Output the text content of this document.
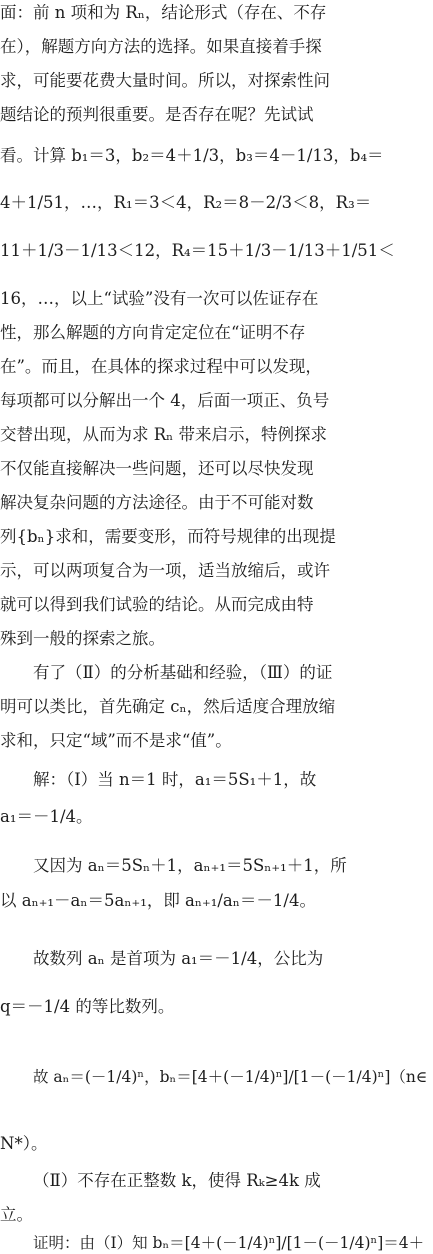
面：前 n 项和为 Rₙ，结论形式（存在、不存
在），解题方向方法的选择。如果直接着手探
求，可能要花费大量时间。所以，对探索性问
题结论的预判很重要。是否存在呢？先试试
看。计算 b₁＝3，b₂＝4＋1/3，b₃＝4－1/13，b₄＝
4＋1/51，…，R₁＝3＜4，R₂＝8－2/3＜8，R₃＝
11＋1/3－1/13＜12，R₄＝15＋1/3－1/13＋1/51＜
16，…，以上“试验”没有一次可以佐证存在
性，那么解题的方向肯定定位在“证明不存
在”。而且，在具体的探求过程中可以发现，
每项都可以分解出一个 4，后面一项正、负号
交替出现，从而为求 Rₙ 带来启示，特例探求
不仅能直接解决一些问题，还可以尽快发现
解决复杂问题的方法途径。由于不可能对数
列{bₙ}求和，需要变形，而符号规律的出现提
示，可以两项复合为一项，适当放缩后，或许
就可以得到我们试验的结论。从而完成由特
殊到一般的探索之旅。
有了（Ⅱ）的分析基础和经验，（Ⅲ）的证
明可以类比，首先确定 cₙ，然后适度合理放缩
求和，只定“域”而不是求“值”。
解：（Ⅰ）当 n＝1 时，a₁＝5S₁＋1，故
a₁＝－1/4。
又因为 aₙ＝5Sₙ＋1，aₙ₊₁＝5Sₙ₊₁＋1，所
以 aₙ₊₁－aₙ＝5aₙ₊₁，即 aₙ₊₁/aₙ＝－1/4。
故数列 aₙ 是首项为 a₁＝－1/4，公比为
q＝－1/4 的等比数列。
故 aₙ＝(－1/4)ⁿ，bₙ＝[4＋(－1/4)ⁿ]/[1－(－1/4)ⁿ]（n∈
N*）。
（Ⅱ）不存在正整数 k，使得 Rₖ≥4k 成
立。
证明：由（Ⅰ）知 bₙ＝[4＋(－1/4)ⁿ]/[1－(－1/4)ⁿ]＝4＋
